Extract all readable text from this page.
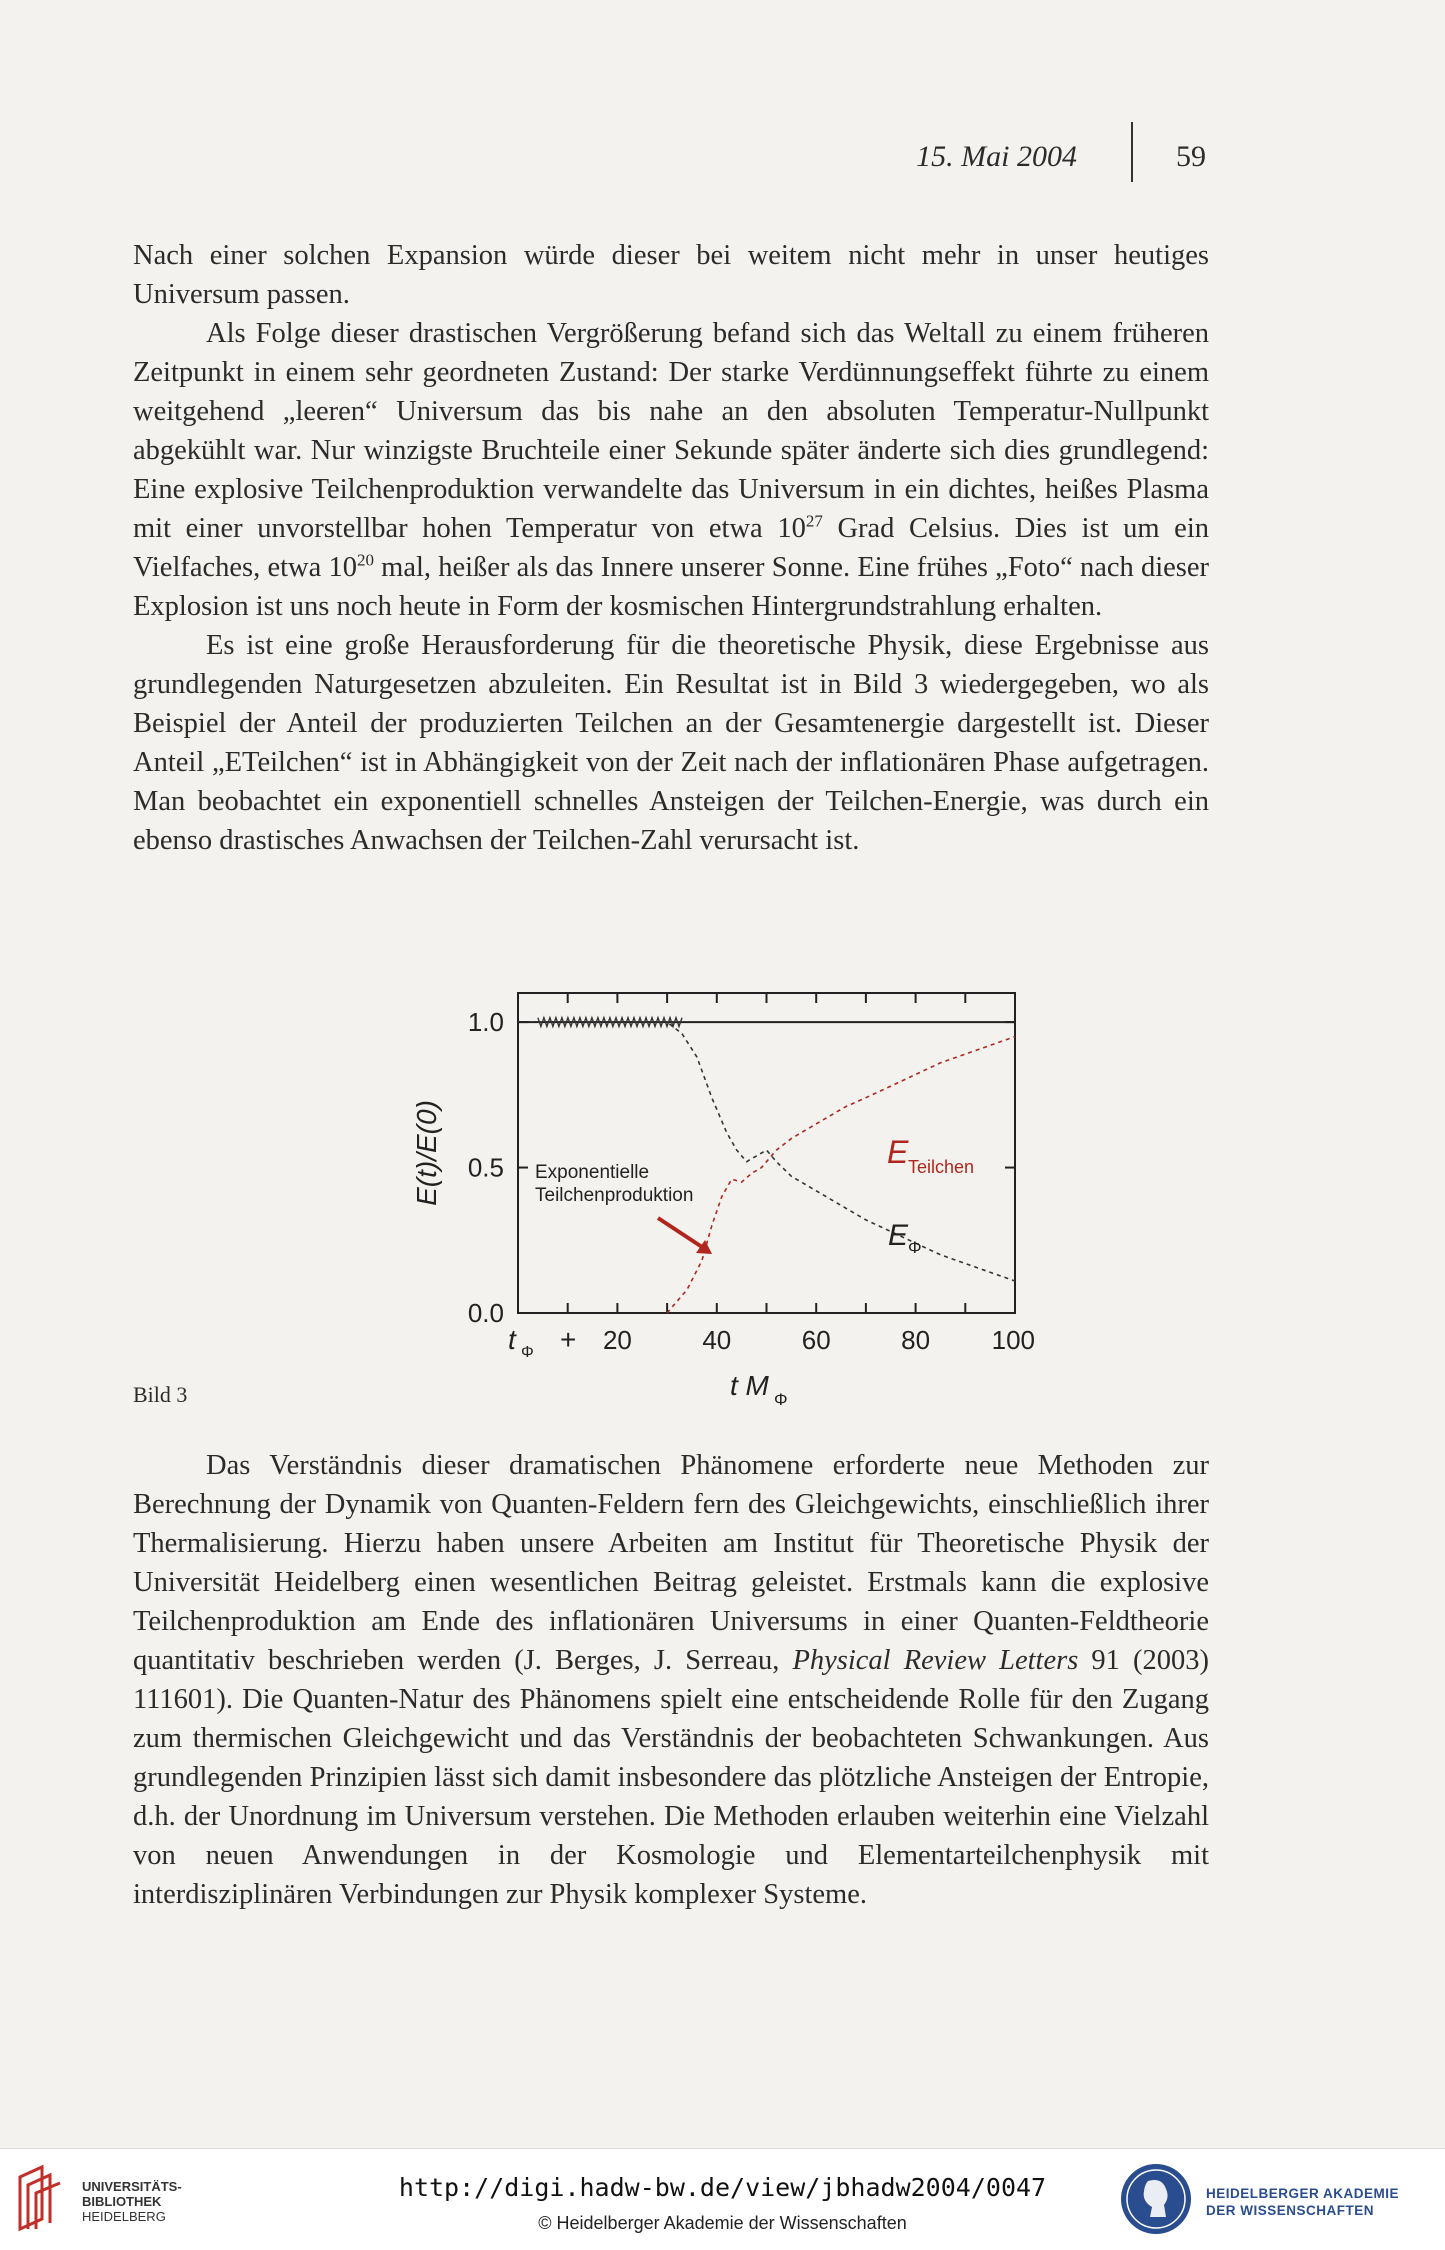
15. Mai 2004	59

Nach einer solchen Expansion würde dieser bei weitem nicht mehr in unser heutiges Universum passen.

Als Folge dieser drastischen Vergrößerung befand sich das Weltall zu einem früheren Zeitpunkt in einem sehr geordneten Zustand: Der starke Verdünnungseffekt führte zu einem weitgehend „leeren“ Universum das bis nahe an den absoluten Temperatur-Nullpunkt abgekühlt war. Nur winzigste Bruchteile einer Sekunde später änderte sich dies grundlegend: Eine explosive Teilchenproduktion verwandelte das Universum in ein dichtes, heißes Plasma mit einer unvorstellbar hohen Temperatur von etwa $10^{27}$ Grad Celsius. Dies ist um ein Vielfaches, etwa $10^{20}$ mal, heißer als das Innere unserer Sonne. Eine frühes „Foto“ nach dieser Explosion ist uns noch heute in Form der kosmischen Hintergrundstrahlung erhalten.

Es ist eine große Herausforderung für die theoretische Physik, diese Ergebnisse aus grundlegenden Naturgesetzen abzuleiten. Ein Resultat ist in Bild 3 wiedergegeben, wo als Beispiel der Anteil der produzierten Teilchen an der Gesamtenergie dargestellt ist. Dieser Anteil „ETeilchen“ ist in Abhängigkeit von der Zeit nach der inflationären Phase aufgetragen. Man beobachtet ein exponentiell schnelles Ansteigen der Teilchen-Energie, was durch ein ebenso drastisches Anwachsen der Teilchen-Zahl verursacht ist.

0.0
0.5
1.0
t Φ + 20	40	60	80 100
Exponentielle
Teilchenproduktion
E Teilchen
E Φ
E(t)/E(0)
t M Φ
Bild 3

Das Verständnis dieser dramatischen Phänomene erforderte neue Methoden zur Berechnung der Dynamik von Quanten-Feldern fern des Gleichgewichts, einschließlich ihrer Thermalisierung. Hierzu haben unsere Arbeiten am Institut für Theoretische Physik der Universität Heidelberg einen wesentlichen Beitrag geleistet. Erstmals kann die explosive Teilchenproduktion am Ende des inflationären Universums in einer Quanten-Feldtheorie quantitativ beschrieben werden (J. Berges, J. Serreau, Physical Review Letters 91 (2003) 111601). Die Quanten-Natur des Phänomens spielt eine entscheidende Rolle für den Zugang zum thermischen Gleichgewicht und das Verständnis der beobachteten Schwankungen. Aus grundlegenden Prinzipien lässt sich damit insbesondere das plötzliche Ansteigen der Entropie, d.h. der Unordnung im Universum verstehen. Die Methoden erlauben weiterhin eine Vielzahl von neuen Anwendungen in der Kosmologie und Elementarteilchenphysik mit interdisziplinären Verbindungen zur Physik komplexer Systeme.

UNIVERSITÄTS-
BIBLIOTHEK
HEIDELBERG
http://digi.hadw-bw.de/view/jbhadw2004/0047
© Heidelberger Akademie der Wissenschaften
HEIDELBERGER AKADEMIE
DER WISSENSCHAFTEN
